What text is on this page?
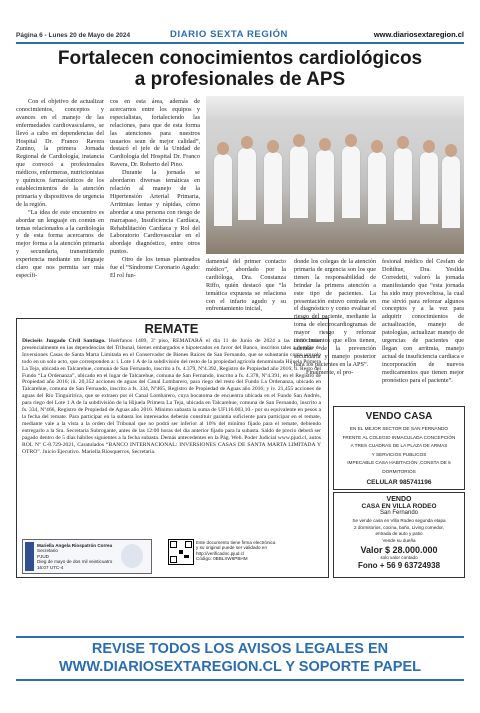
Página 6 - Lunes 20 de Mayo de 2024	DIARIO SEXTA REGIÓN	www.diariosextaregion.cl
Fortalecen conocimientos cardiológicos
a profesionales de APS

Con el objetivo de actualizar conocimientos, conceptos y avances en el manejo de las enfermedades cardiovasculares, se llevó a cabo en dependencias del Hospital Dr. Franco Ravera Zunino, la primera Jornada Regional de Cardiología, instancia que convocó a profesionales médicos, enfermeras, nutricionistas y químicos farmacéuticos de los establecimientos de la atención primaria y dispositivos de urgencia de la región.

“La idea de este encuentro es abordar un lenguaje en común en temas relacionados a la cardiología y de esta forma acercarnos de mejor forma a la atención primaria y secundaria, transmitiendo experiencia mediante un lenguaje claro que nos permita ser más específi-

cos en esta área, además de acercarnos entre los equipos y especialistas, fortaleciendo las relaciones, para que de esta forma las atenciones para nuestros usuarios sean de mejor calidad”, destacó el jefe de la Unidad de Cardiología del Hospital Dr. Franco Ravera, Dr. Roberto del Pino.

Durante la jornada se abordaron diversas temáticas en relación al manejo de la Hipertensión Arterial Primaria, Arritmias lentas y rápidas, cómo abordar a una persona con riesgo de marcapaso, Insuficiencia Cardíaca, Rehabilitación Cardíaca y Rol del Laboratorio Cardiovascular en el abordaje diagnóstico, entre otros puntos.

Otro de los temas planteados fue el “Síndrome Coronario Agudo: El rol fun-

damental del primer contacto médico”, abordado por la cardióloga, Dra. Constanza Riffo, quién destacó que “la temática expuesta se relaciona con el infarto agudo y su enfrentamiento inicial,

donde los colegas de la atención primaria de urgencia son los que tienen la responsabilidad de brindar la primera atención a este tipo de pacientes. La presentación estuvo centrada en el diagnóstico y como evaluar el riesgo del paciente, mediante la toma de electrocardiogramas de mayor riesgo y reforzar conocimientos que ellos tienen, además de la prevención secundaria y manejo posterior para los pacientes en la APS”.

Finalmente, el pro-

fesional médico del Cesfam de Doñihue, Dra. Yesilda Corredetti, valoró la jornada manifestando que “esta jornada ha sido muy provechosa, la cual me sirvió para reforzar algunos conceptos y a la vez para adquirir conocimientos de actualización, manejo de patologías, actualizar manejo de urgencias de pacientes que llegan con arritmia, manejo actual de insuficiencia cardiaca e incorporación de nuevos medicamentos que tienen mejor pronóstico para el paciente”.

REMATE
Dieciséis Juzgado Civil Santiago. Huérfanos 1409, 3º piso, REMATARÁ el día 11 de Junio de 2024 a las 10:30 horas presencialmente en las dependencias del Tribunal, bienes embargados e hipotecados en favor del Banco, inscritos tales a nombre de Inversiones Casas de Santa Marta Limitada en el Conservador de Bienes Raíces de San Fernando, que se subastarán como un solo todo en un solo acto, que corresponden a: i. Lote 1 A de la subdivisión del resto de la propiedad agrícola denominada Hijuela Primera La Teja, ubicada en Talcarehue, comuna de San Fernando, inscrito a fs. 4.379, Nº4.392, Registro de Propiedad año 2016; ii. Resto del Fundo “La Ordenanza”, ubicado en el lugar de Talcarehue, comuna de San Fernando, inscrito a fs. 4.378, Nº4.391, en el Registro de Propiedad año 2016; iii. 20,352 acciones de aguas del Canal Lombarero, para riego del resto del Fundo La Ordenanza, ubicado en Talcarehue, comuna de San Fernando, inscrito a fs. 334, Nº465, Registro de Propiedad de Aguas año 2016; y iv. 21,455 acciones de aguas del Río Tinguiririca, que se extraen por el Canal Lombarero, cuya bocatoma de encuentra ubicada en el Fundo San Andrés, para riego del Lote 1 A de la subdivisión de la Hijuela Primera La Teja, ubicada en Talcarehue, comuna de San Fernando, inscrito a fs. 334, Nº466, Registro de Propiedad de Aguas año 2016. Mínimo subasta la suma de UF116.003,10.- por su equivalente en pesos a la fecha del remate. Para participar en la subasta los interesados deberán constituir garantía suficiente para participar en el remate, mediante vale a la vista a la orden del Tribunal que no podrá ser inferior al 10% del mínimo fijado para el remate, debiendo entregarlo a la Sra. Secretaria Subrogante, antes de las 12:00 horas del día anterior fijado para la subasta. Saldo de precio deberá ser pagado dentro de 5 días hábiles siguientes a la fecha subasta. Demás antecedentes en la Pág. Web. Poder Judicial www.pjud.cl, autos ROL Nº C-8.729-2021, Caratulados “BANCO INTERNACIONAL/ INVERSIONES CASAS DE SANTA MARTA LIMITADA Y OTRO”. Juicio Ejecutivo. Mariella Riosquerros, Secretaria.
Mariella Angela Riospatrón Correa
Secretario
PJUD
Dieg de mayo de dos mil veinticuatro
16:07 UTC-4
Este documento tiene firma electrónica
y su original puede ser validado en
http://verificadoc.pjud.cl
Código: 0BBLXW6PBHM
VENDO CASA
EN EL MEJOR SECTOR DE SAN FERNANDO
FRENTE AL COLEGIO INMACULADA CONCEPCIÓN
A TRES CUADRAS DE LA PLAZA DE ARMAS
Y SERVICIOS PUBLICOS
IMPECABLE CASA HABITACIÓN ,CONSTA DE 6 DORMITORIOS
CELULAR 985741196
VENDO
CASA EN VILLA RODEO
San Fernando
Se vende casa en Villa Rodeo segunda etapa
2 dormitorios, cocina, baño, Living comedor,
entrada de auto y patio
Vende su dueña
Valor $ 28.000.000
solo valor contado
Fono + 56 9 63724938
REVISE TODOS LOS AVISOS LEGALES EN
WWW.DIARIOSEXTAREGION.CL Y SOPORTE PAPEL
